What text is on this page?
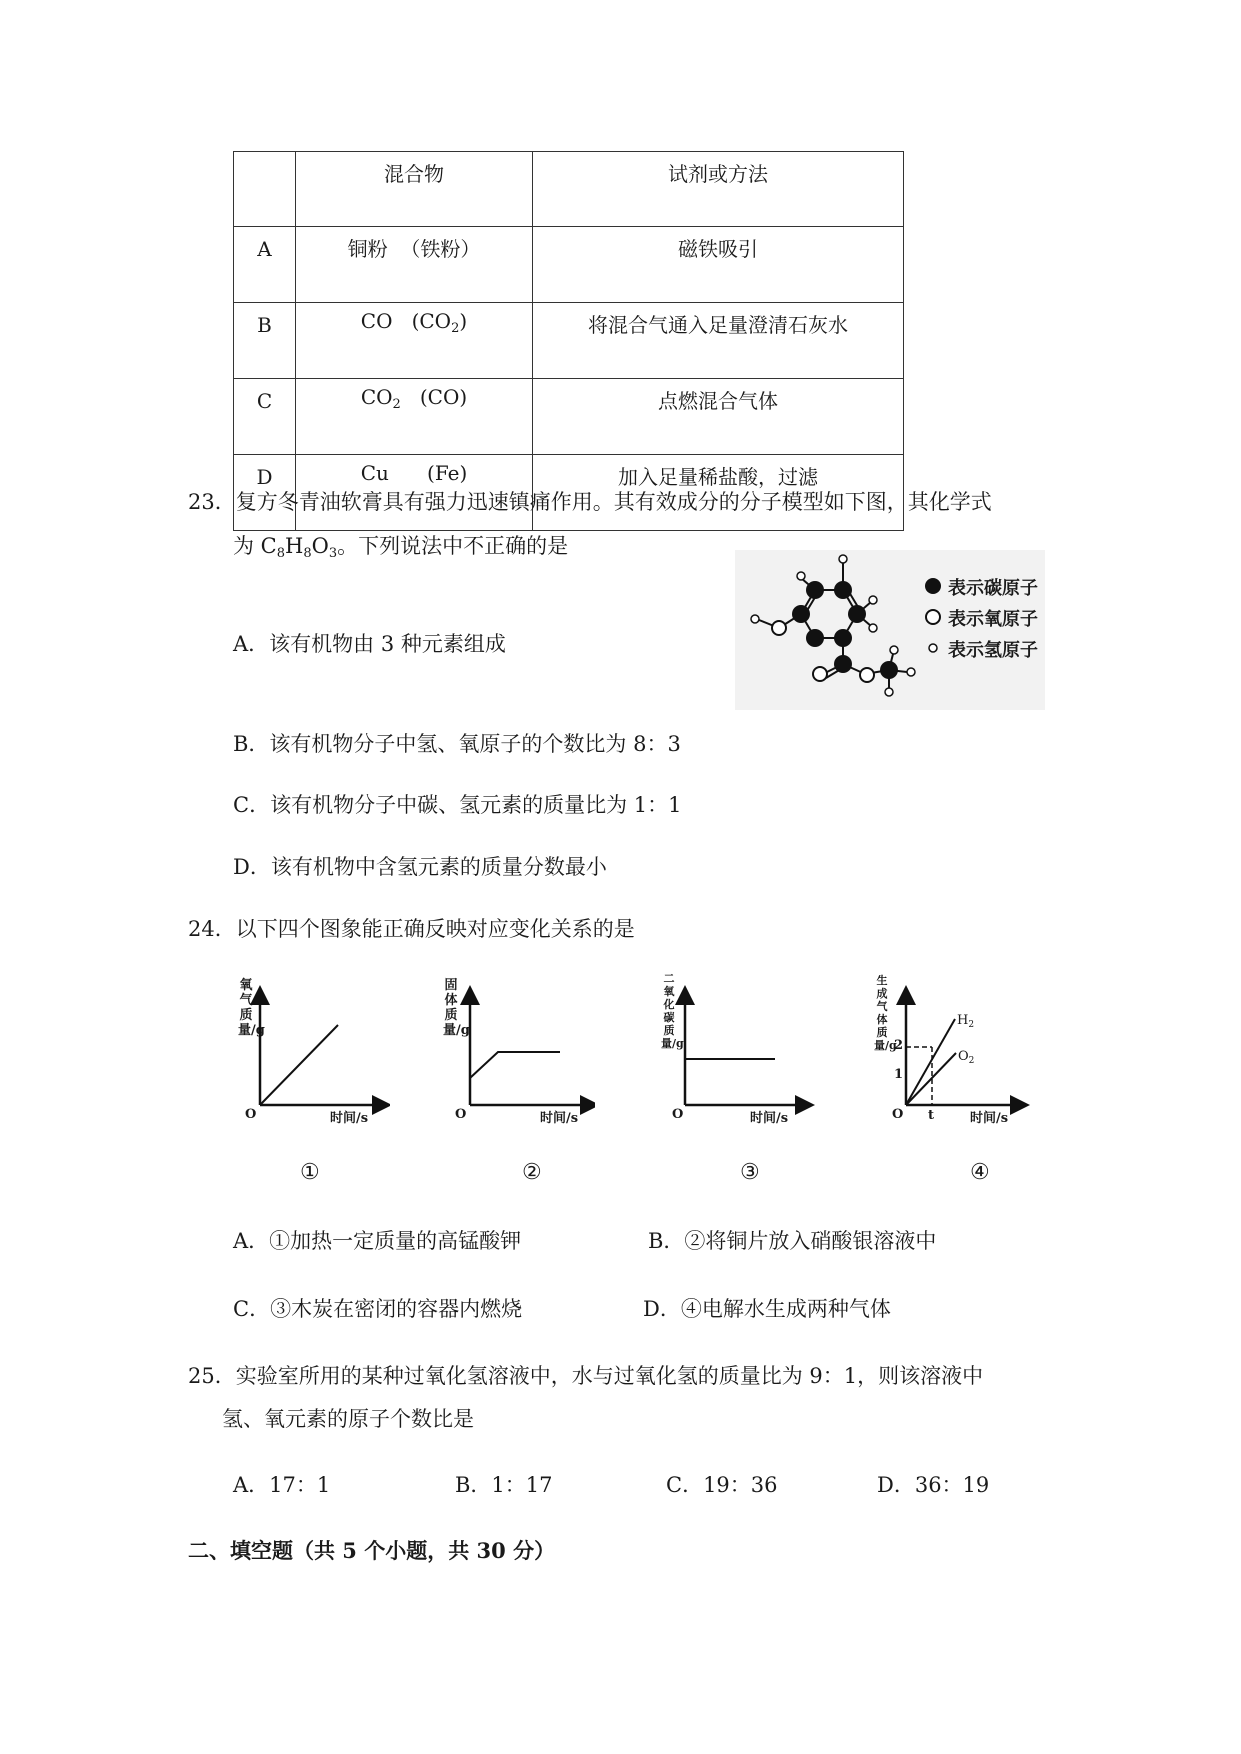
	混合物	试剂或方法
A	铜粉 （铁粉）	磁铁吸引
B	CO $(CO_2)$	将混合气通入足量澄清石灰水
C	$CO_2$ (CO)	点燃混合气体
D	Cu (Fe)	加入足量稀盐酸，过滤
23．复方冬青油软膏具有强力迅速镇痛作用。其有效成分的分子模型如下图，其化学式
为 $C_8H_8O_3$。下列说法中不正确的是
表示碳原子
表示氧原子
表示氢原子
A．该有机物由 3 种元素组成
B．该有机物分子中氢、氧原子的个数比为 8：3
C．该有机物分子中碳、氢元素的质量比为 1：1
D．该有机物中含氢元素的质量分数最小
24．以下四个图象能正确反映对应变化关系的是
氧气质量/g
O	时间/s
①
固体质量/g
O	时间/s
②
二氧化碳质量/g
O	时间/s
③
生成气体质量/g
2
1
t
$H_2$
$O_2$
O	时间/s
④
A．①加热一定质量的高锰酸钾	B．②将铜片放入硝酸银溶液中
C．③木炭在密闭的容器内燃烧	D．④电解水生成两种气体
25．实验室所用的某种过氧化氢溶液中，水与过氧化氢的质量比为 9：1，则该溶液中
氢、氧元素的原子个数比是
A．17：1	B．1：17	C．19：36	D．36：19
二、填空题（共 5 个小题，共 30 分）
